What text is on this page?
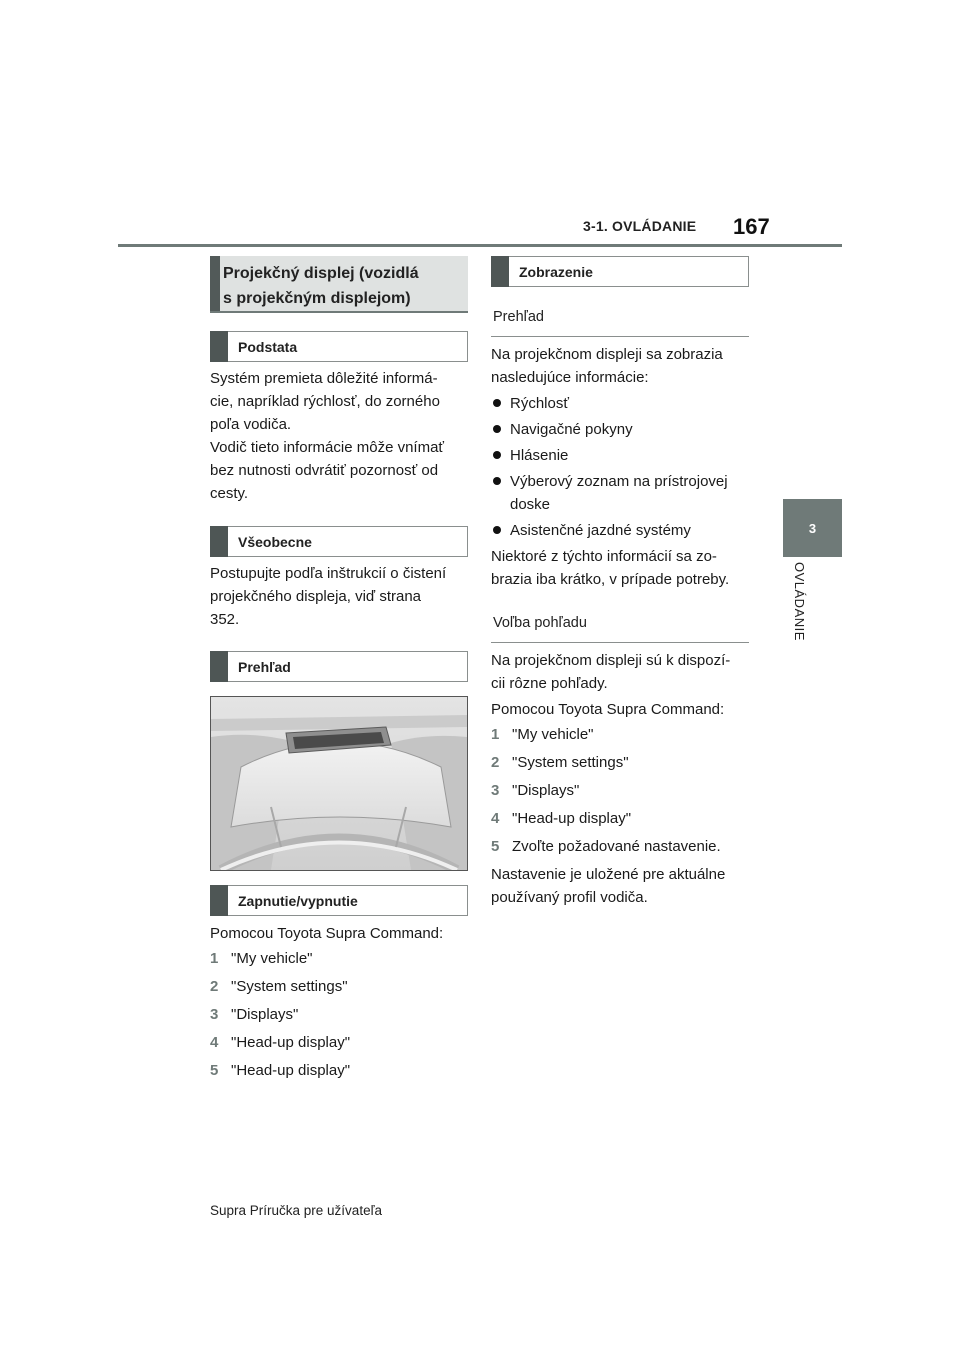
3-1. OVLÁDANIE 167
3
OVLÁDANIE
Projekčný displej (vozidlá
s projekčným displejom)
Podstata
Systém premieta dôležité informá-
cie, napríklad rýchlosť, do zorného
poľa vodiča.
Vodič tieto informácie môže vnímať
bez nutnosti odvrátiť pozornosť od
cesty.
Všeobecne
Postupujte podľa inštrukcií o čistení
projekčného displeja, viď strana
352.
Prehľad
Zapnutie/vypnutie
Pomocou Toyota Supra Command:
1 "My vehicle"
2 "System settings"
3 "Displays"
4 "Head-up display"
5 "Head-up display"
Zobrazenie
Prehľad
Na projekčnom displeji sa zobrazia
nasledujúce informácie:
Rýchlosť
Navigačné pokyny
Hlásenie
Výberový zoznam na prístrojovej
doske
Asistenčné jazdné systémy
Niektoré z týchto informácií sa zo-
brazia iba krátko, v prípade potreby.
Voľba pohľadu
Na projekčnom displeji sú k dispozí-
cii rôzne pohľady.
Pomocou Toyota Supra Command:
1 "My vehicle"
2 "System settings"
3 "Displays"
4 "Head-up display"
5 Zvoľte požadované nastavenie.
Nastavenie je uložené pre aktuálne
používaný profil vodiča.
Supra Príručka pre užívateľa
